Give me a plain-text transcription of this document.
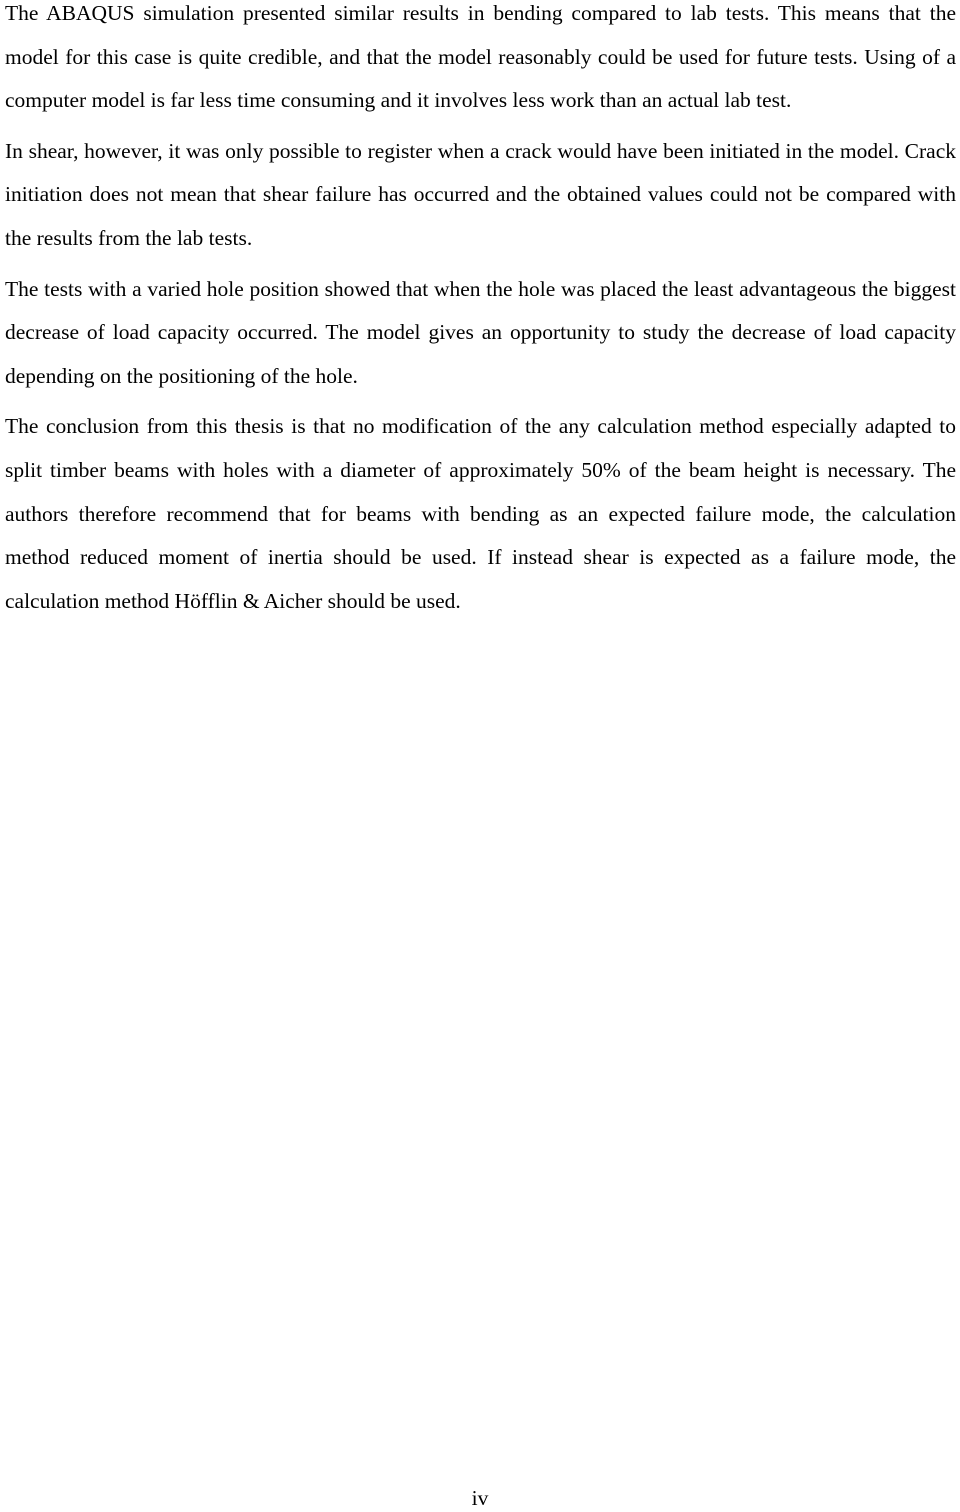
The ABAQUS simulation presented similar results in bending compared to lab tests. This means that the model for this case is quite credible, and that the model reasonably could be used for future tests. Using of a computer model is far less time consuming and it involves less work than an actual lab test.

In shear, however, it was only possible to register when a crack would have been initiated in the model. Crack initiation does not mean that shear failure has occurred and the obtained values could not be compared with the results from the lab tests.

The tests with a varied hole position showed that when the hole was placed the least advantageous the biggest decrease of load capacity occurred. The model gives an opportunity to study the decrease of load capacity depending on the positioning of the hole.

The conclusion from this thesis is that no modification of the any calculation method especially adapted to split timber beams with holes with a diameter of approximately 50% of the beam height is necessary. The authors therefore recommend that for beams with bending as an expected failure mode, the calculation method reduced moment of inertia should be used. If instead shear is expected as a failure mode, the calculation method Höfflin & Aicher should be used.

iv
